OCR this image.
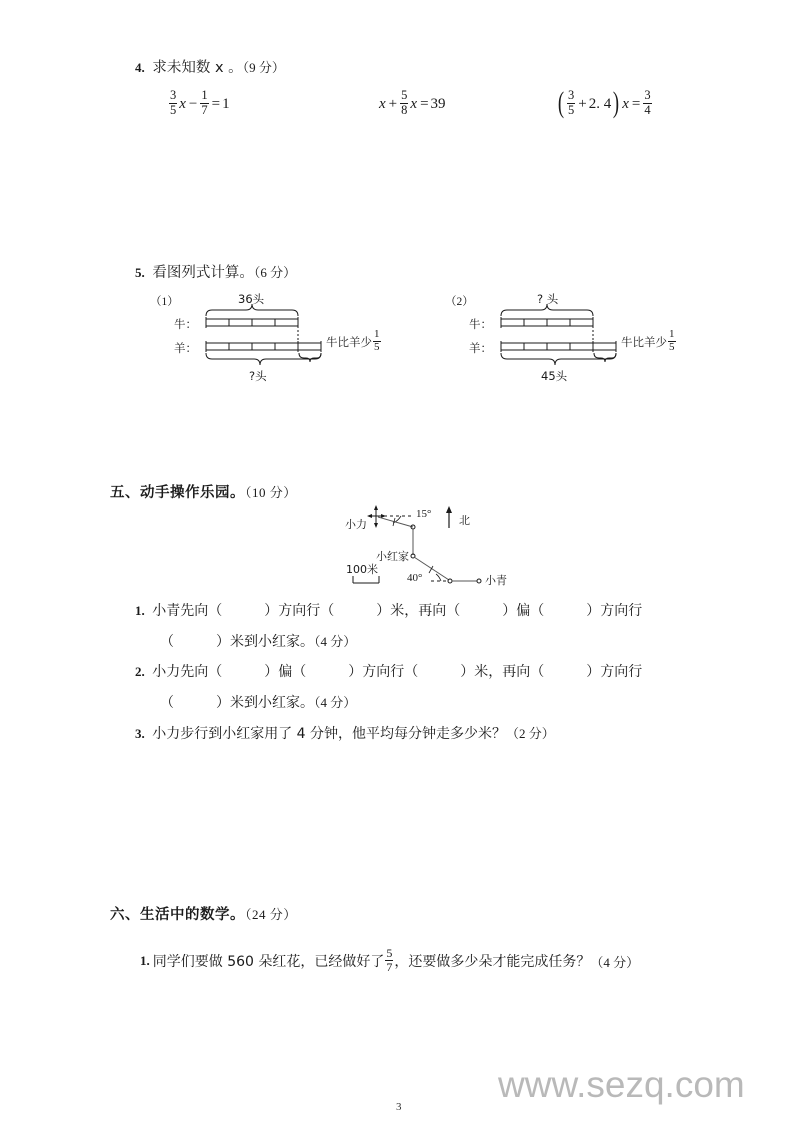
4. 求未知数 x 。（9 分）
$\frac{3}{5}$ $x - \frac{1}{7} = 1$	$x + \frac{5}{8}$ x = 39	( $\frac{3}{5} + 2$. 4 ) $x = \frac{3}{4}$
5. 看图列式计算。（6 分）
（1）	36头
牛：
羊：	牛比羊少 $\frac{1}{5}$
?头
（2）	? 头
牛：
羊：	牛比羊少 $\frac{1}{5}$
45头
五、动手操作乐园。（10 分）
小力
15°	北
小红家
40°	小青
100米
1. 小青先向（　　　）方向行（　　　）米，再向（　　　）偏（　　　）方向行
（　　　）米到小红家。（4 分）
2. 小力先向（　　　）偏（　　　）方向行（　　　）米，再向（　　　）方向行
（　　　）米到小红家。（4 分）
3. 小力步行到小红家用了 4 分钟，他平均每分钟走多少米？（2 分）
六、生活中的数学。（24 分）
1. 同学们要做 560 朵红花，已经做好了 $\frac{5}{7}$ ，还要做多少朵才能完成任务？ （4 分）
www.sezq.com
3
